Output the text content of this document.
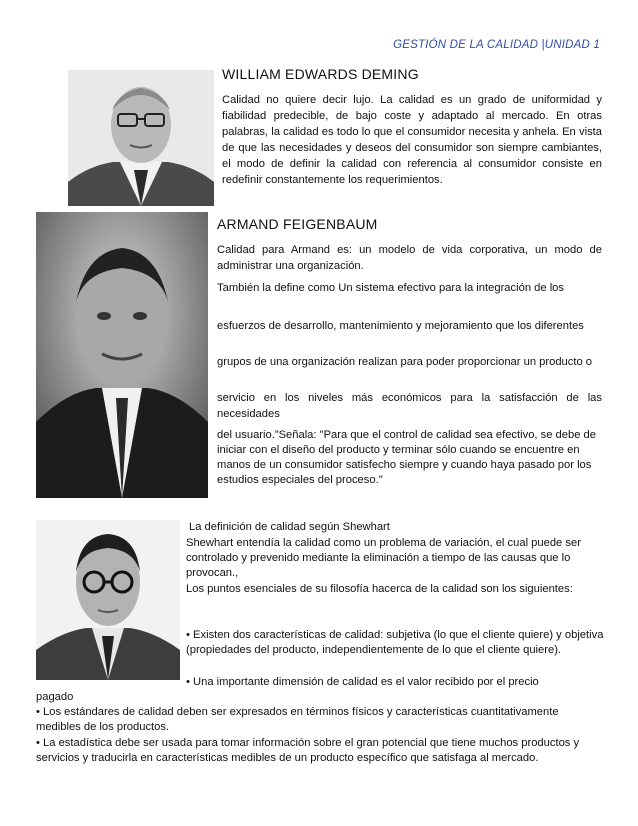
GESTIÓN DE LA CALIDAD |UNIDAD 1
WILLIAM EDWARDS DEMING

Calidad no quiere decir lujo. La calidad es un grado de uniformidad y fiabilidad predecible, de bajo coste y adaptado al mercado. En otras palabras, la calidad es todo lo que el consumidor necesita y anhela. En vista de que las necesidades y deseos del consumidor son siempre cambiantes, el modo de definir la calidad con referencia al consumidor consiste en redefinir constantemente los requerimientos.

ARMAND FEIGENBAUM

Calidad para Armand es: un modelo de vida corporativa, un modo de administrar una organización.

También la define como Un sistema efectivo para la integración de los

esfuerzos de desarrollo, mantenimiento y mejoramiento que los diferentes

grupos de una organización realizan para poder proporcionar un producto o

servicio en los niveles más económicos para la satisfacción de las necesidades

del usuario.”Señala: "Para que el control de calidad sea efectivo, se debe de iniciar con el diseño del producto y terminar sólo cuando se encuentre en manos de un consumidor satisfecho siempre y cuando haya pasado por los estudios especiales del proceso."

La definición de calidad según Shewhart

Shewhart entendía la calidad como un problema de variación, el cual puede ser controlado y prevenido mediante la eliminación a tiempo de las causas que lo provocan.,

Los puntos esenciales de su filosofía hacerca de la calidad son los siguientes:

• Existen dos características de calidad: subjetiva (lo que el cliente quiere) y objetiva (propiedades del producto, independientemente de lo que el cliente quiere).

• Una importante dimensión de calidad es el valor recibido por el precio

pagado

• Los estándares de calidad deben ser expresados en términos físicos y características cuantitativamente medibles de los productos.

• La estadística debe ser usada para tomar información sobre el gran potencial que tiene muchos productos y servicios y traducirla en características medibles de un producto específico que satisfaga al mercado.
